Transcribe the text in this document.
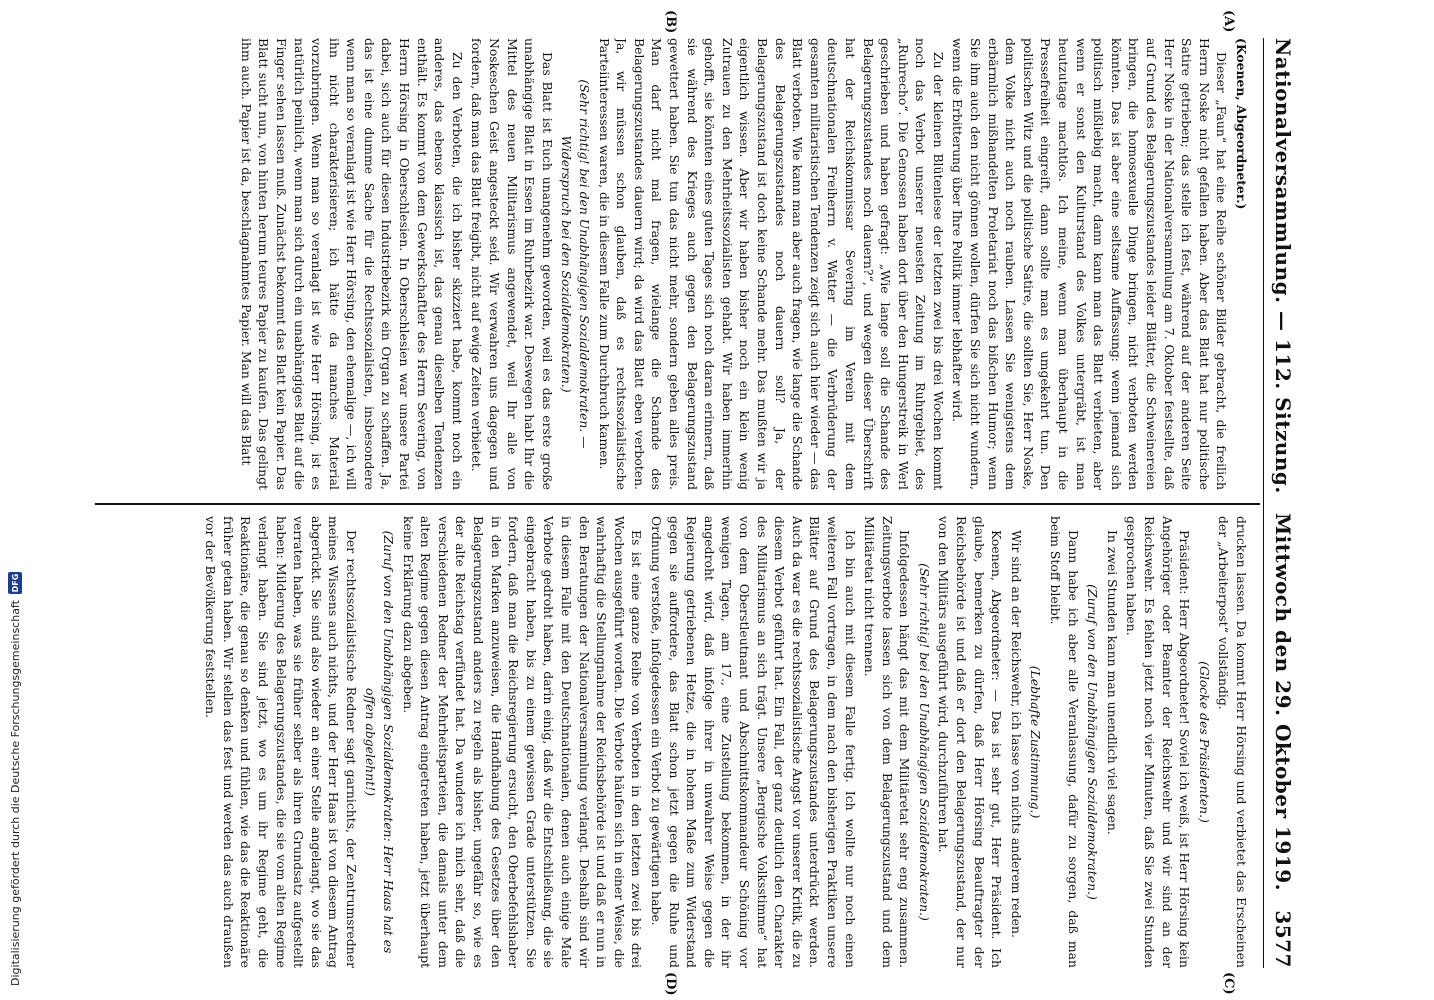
Nationalversammlung. — 112. Sitzung.
Mittwoch den 29. Oktober 1919.
3577
(A)
(B)
(C)
(D)

(Koenen, Abgeordneter.)

Dieser „Faun“ hat eine Reihe schöner Bilder gebracht, die freilich Herrn Noske nicht gefallen haben. Aber das Blatt hat nur politische Satire getrieben; das stelle ich fest, während auf der anderen Seite Herr Noske in der Nationalversammlung am 7. Oktober festsellte, daß auf Grund des Belagerungszustandes leider Blätter, die Schweinereien bringen, die homosexuelle Dinge bringen, nicht verboten werden könnten. Das ist aber eine seltsame Auffassung: wenn jemand sich politisch mißliebig macht, dann kann man das Blatt verbieten, aber wenn er sonst den Kulturstand des Volkes untergräbt, ist man heutzutage machtlos. Ich meine, wenn man überhaupt in die Pressefreiheit eingreift, dann sollte man es umgekehrt tun. Den politischen Witz und die politische Satire, die sollten Sie, Herr Noske, dem Volke nicht auch noch rauben. Lassen Sie wenigstens dem erbärmlich mißhandelten Proletariat noch das bißchen Humor; wenn Sie ihm auch den nicht gönnen wollen, dürfen Sie sich nicht wundern, wenn die Erbitterung über Ihre Politik immer lebhafter wird.

Zu der kleinen Blütenlese der letzten zwei bis drei Wochen kommt noch das Verbot unserer neuesten Zeitung im Ruhrgebiet, des „Ruhrecho“. Die Genossen haben dort über den Hungerstreik in Werl geschrieben und haben gefragt: „Wie lange soll die Schande des Belagerungszustandes noch dauern?“, und wegen dieser Überschrift hat der Reichskommissar Severing im Verein mit dem deutschnationalen Freiherrn v. Watter — die Verbrüderung der gesamten militaristischen Tendenzen zeigt sich auch hier wieder — das Blatt verboten. Wie kann man aber auch fragen, wie lange die Schande des Belagerungszustandes noch dauern soll? Ja, der Belagerungszustand ist doch keine Schande mehr. Das mußten wir ja eigentlich wissen. Aber wir haben bisher noch ein klein wenig Zutrauen zu den Mehrheitssozialisten gehabt. Wir haben immerhin gehofft, sie könnten eines guten Tages sich noch daran erinnern, daß sie während des Krieges auch gegen den Belagerungszustand gewettert haben. Sie tun das nicht mehr, sondern geben alles preis. Man darf nicht mal fragen, wielange die Schande des Belagerungszustandes dauern wird; da wird das Blatt eben verboten. Ja, wir müssen schon glauben, daß es rechtssozialistische Parteiinteressen waren, die in diesem Falle zum Durchbruch kamen.

(Sehr richtig! bei den Unabhängigen Sozialdemokraten. — Widerspruch bei den Sozialdemokraten.)

Das Blatt ist Euch unangenehm geworden, weil es das erste große unabhängige Blatt in Essen im Ruhrbezirk war. Deswegen habt Ihr die Mittel des neuen Militarismus angewendet, weil Ihr alle von Noskeschen Geist angesteckt seid. Wir verwahren uns dagegen und fordern, daß man das Blatt freigibt, nicht auf ewige Zeiten verbietet.

Zu den Verboten, die ich bisher skizziert habe, kommt noch ein anderes, das ebenso klassisch ist, das genau dieselben Tendenzen enthält. Es kommt von dem Gewerkschaftler des Herrn Severing, von Herrn Hörsing in Oberschlesien. In Oberschlesien war unsere Partei dabei, sich auch für diesen Industriebezirk ein Organ zu schaffen. Ja, das ist eine dumme Sache für die Rechtssozialisten, insbesondere wenn man so veranlagt ist wie Herr Hörsing, den ehemalige —, ich will ihn nicht charakterisieren; ich hätte da manches Material vorzubringen. Wenn man so veranlagt ist wie Herr Hörsing, ist es natürlich peinlich, wenn man sich durch ein unabhängiges Blatt auf die Finger sehen lassen muß. Zunächst bekommt das Blatt kein Papier. Das Blatt sucht nun, von hinten herum teures Papier zu kaufen. Das gelingt ihm auch. Papier ist da, beschlagnahmtes Papier. Man will das Blatt

drucken lassen. Da kommt Herr Hörsing und verbietet das Erscheinen der „Arbeiterpost“ vollständig.

(Glocke des Präsidenten.)

Präsident: Herr Abgeordneter! Soviel ich weiß, ist Herr Hörsing kein Angehöriger oder Beamter der Reichswehr und wir sind an der Reichswehr. Es fehlen jetzt noch vier Minuten, daß Sie zwei Stunden gesprochen haben.

In zwei Stunden kann man unendlich viel sagen.

(Zuruf von den Unabhängigen Sozialdemokraten.)

Dann habe ich aber alle Veranlassung, dafür zu sorgen, daß man beim Stoff bleibt.

(Lebhafte Zustimmung.)

Wir sind an der Reichswehr, ich lasse von nichts anderem reden.

Koenen, Abgeordneter: — Das ist sehr gut, Herr Präsident. Ich glaube, bemerken zu dürfen, daß Herr Hörsing Beauftragter der Reichsbehörde ist und daß er dort den Belagerungszustand, der nur von den Militärs ausgeführt wird, durchzuführen hat.

(Sehr richtig! bei den Unabhängigen Sozialdemokraten.)

Infolgedessen hängt das mit dem Militäretat sehr eng zusammen. Zeitungsverbote lassen sich von dem Belagerungszustand und dem Militäretat nicht trennen.

Ich bin auch mit diesem Falle fertig. Ich wollte nur noch einen weiteren Fall vortragen, in dem nach den bisherigen Praktiken unsere Blätter auf Grund des Belagerungszustandes unterdrückt werden. Auch da war es die rechtssozialistische Angst vor unserer Kritik, die zu diesem Verbot geführt hat. Ein Fall, der ganz deutlich den Charakter des Militarismus an sich trägt. Unsere „Bergische Volksstimme“ hat von dem Oberstleutnant und Abschnittskommandeur Schöning vor wenigen Tagen, am 17., eine Zustellung bekommen, in der ihr angedroht wird, daß infolge ihrer in unwahrer Weise gegen die Regierung getriebenen Hetze, die in hohem Maße zum Widerstand gegen sie auffordere, das Blatt schon jetzt gegen die Ruhe und Ordnung verstoße, infolgedessen ein Verbot zu gewärtigen habe.

Es ist eine ganze Reihe von Verboten in den letzten zwei bis drei Wochen ausgeführt worden. Die Verbote häufen sich in einer Weise, die wahrhaftig die Stellungnahme der Reichsbehörde ist und daß er nun in den Beratungen der Nationalversammlung verlangt. Deshalb sind wir in diesem Falle mit den Deutschnationalen, denen auch einige Male Verbote gedroht haben, darin einig, daß wir die Entschließung, die sie eingebracht haben, bis zu einem gewissen Grade unterstützen. Sie fordern, daß man die Reichsregierung ersucht, den Oberbefehlshaber in den Marken anzuweisen, die Handhabung des Gesetzes über den Belagerungszustand anders zu regeln als bisher, ungefähr so, wie es der alte Reichstag verfündet hat. Da wundere ich mich sehr, daß die verschiedenen Redner der Mehrheitsparteien, die damals unter dem alten Regime gegen diesen Antrag eingetreten haben, jetzt überhaupt keine Erklärung dazu abgeben.

(Zuruf von den Unabhängigen Sozialdemokraten: Herr Haas hat es offen abgelehnt!)

Der rechtssozialistische Redner sagt garnichts, der Zentrumsredner meines Wissens auch nichts, und der Herr Haas ist von diesem Antrag abgerückt. Sie sind also wieder an einer Stelle angelangt, wo sie das verraten haben, was sie früher selber als ihren Grundsatz aufgestellt haben: Milderung des Belagerungszustandes, die sie vom alten Regime verlangt haben. Sie sind jetzt, wo es um ihr Regime geht, die Reaktionäre, die genau so denken und fühlen, wie das die Reaktionäre früher getan haben. Wir stellen das fest und werden das auch draußen vor der Bevölkerung feststellen.

Digitalisierung gefördert durch die Deutsche Forschungsgemeinschaft
DFG
